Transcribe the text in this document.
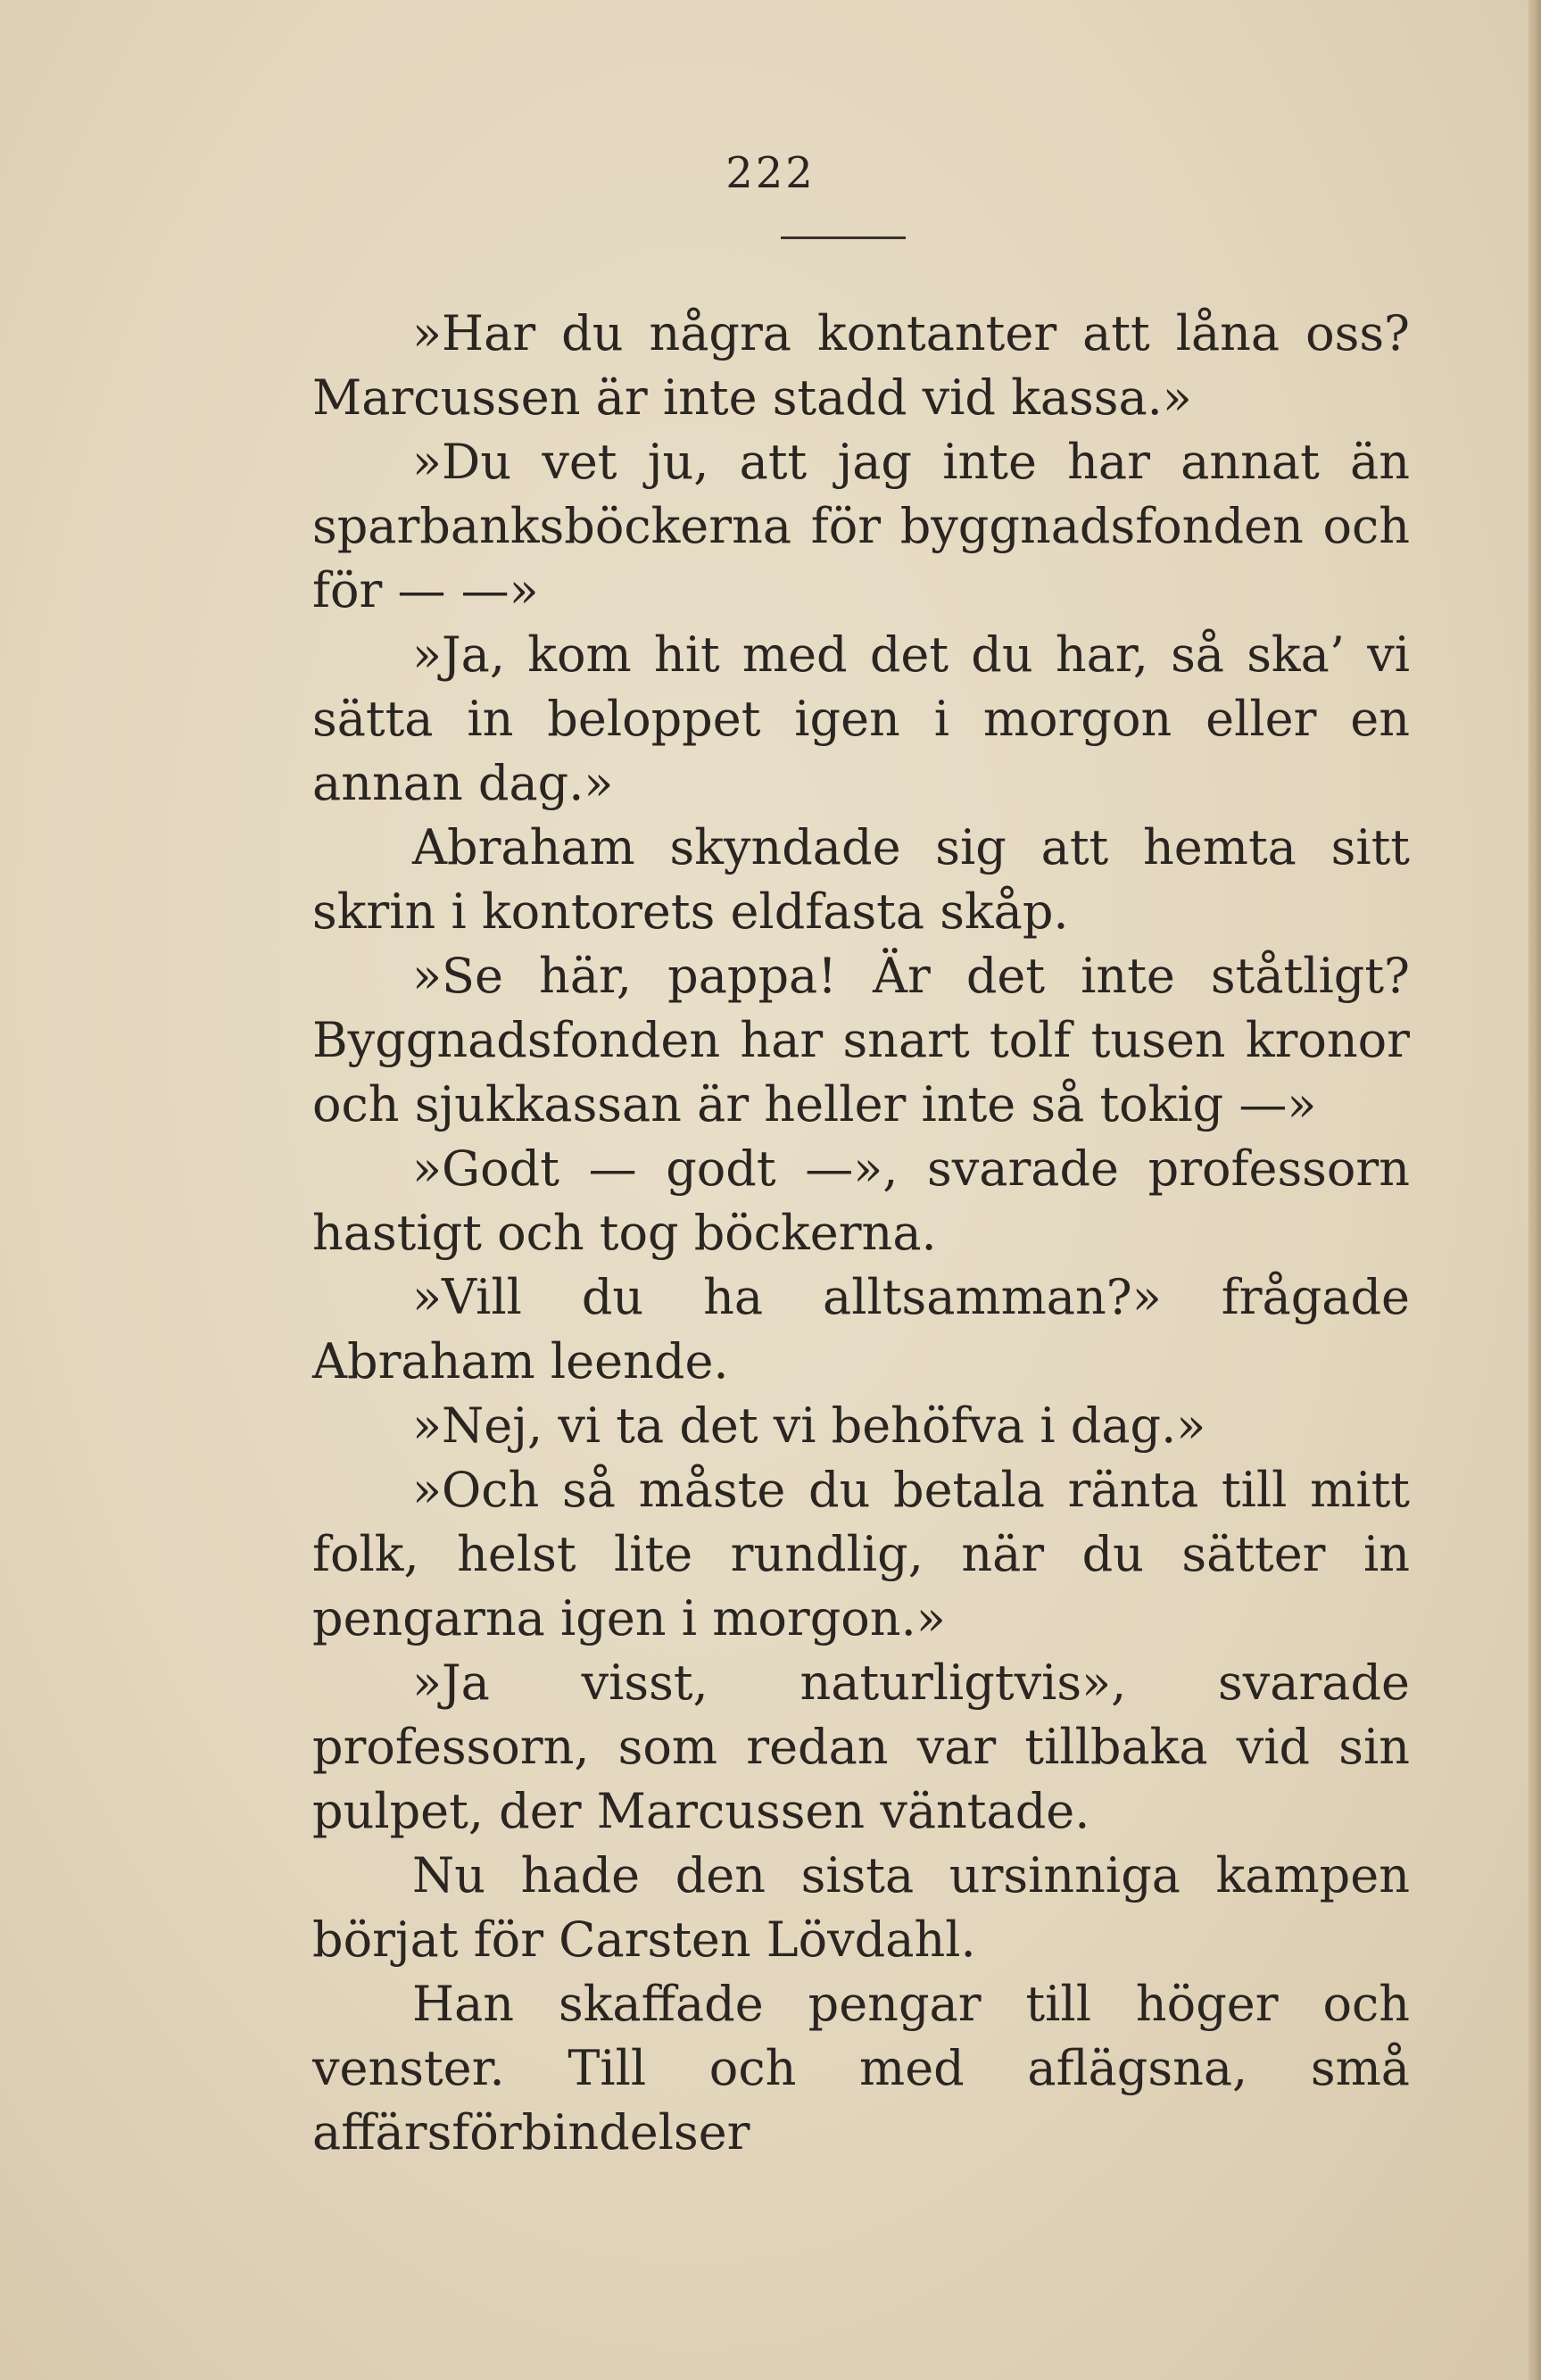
222

»Har du några kontanter att låna oss? Marcussen är inte stadd vid kassa.»

»Du vet ju, att jag inte har annat än sparbanksböckerna för byggnadsfonden och för — —»

»Ja, kom hit med det du har, så ska’ vi sätta in beloppet igen i morgon eller en annan dag.»

Abraham skyndade sig att hemta sitt skrin i kontorets eldfasta skåp.

»Se här, pappa! Är det inte ståtligt? Byggnadsfonden har snart tolf tusen kronor och sjukkassan är heller inte så tokig —»

»Godt — godt —», svarade professorn hastigt och tog böckerna.

»Vill du ha alltsamman?» frågade Abraham leende.

»Nej, vi ta det vi behöfva i dag.»

»Och så måste du betala ränta till mitt folk, helst lite rundlig, när du sätter in pengarna igen i morgon.»

»Ja visst, naturligtvis», svarade professorn, som redan var tillbaka vid sin pulpet, der Marcussen väntade.

Nu hade den sista ursinniga kampen börjat för Carsten Lövdahl.

Han skaffade pengar till höger och venster. Till och med aflägsna, små affärsförbindelser
